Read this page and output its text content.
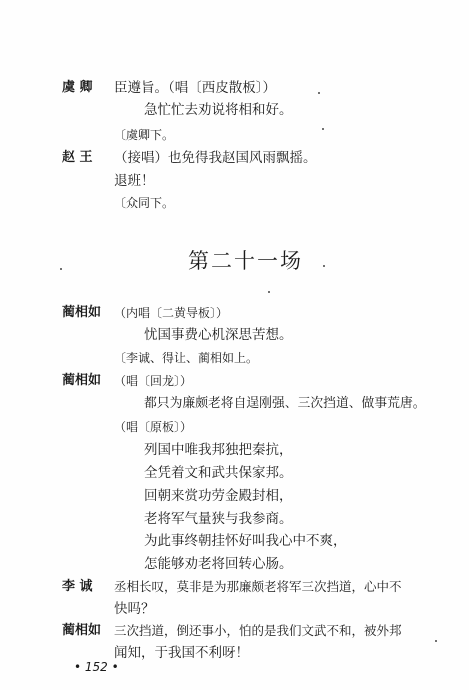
虞 卿 臣遵旨。（唱〔西皮散板〕）
急忙忙去劝说将相和好。
〔虞卿下。
赵 王 （接唱）也免得我赵国风雨飘摇。
退班！
〔众同下。
第二十一场
蔺相如 （内唱〔二黄导板〕）
忧国事费心机深思苦想。
〔李诚、得让、蔺相如上。
蔺相如 （唱〔回龙〕）
都只为廉颇老将自逞刚强、三次挡道、做事荒唐。
（唱〔原板〕）
列国中唯我邦独把秦抗，
全凭着文和武共保家邦。
回朝来赏功劳金殿封相，
老将军气量狭与我参商。
为此事终朝挂怀好叫我心中不爽，
怎能够劝老将回转心肠。
李 诚 丞相长叹，莫非是为那廉颇老将军三次挡道，心中不
快吗？
蔺相如 三次挡道，倒还事小，怕的是我们文武不和，被外邦
闻知，于我国不利呀！
• 152 •
